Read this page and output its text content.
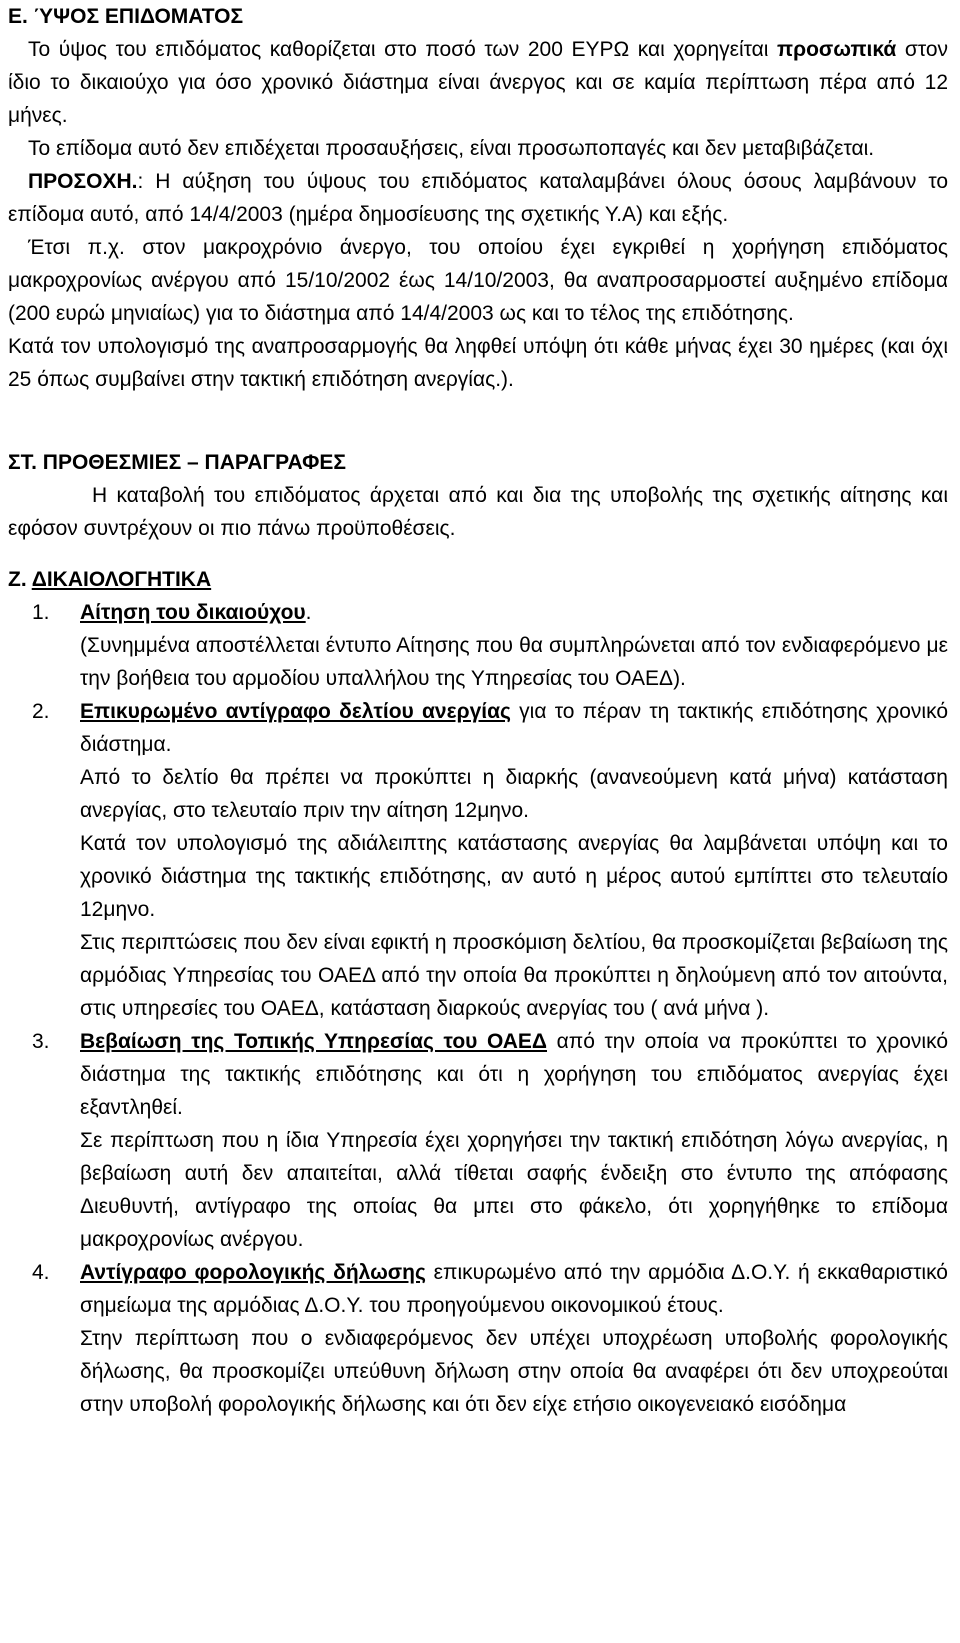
Ε. ΎΨΟΣ ΕΠΙΔΟΜΑΤΟΣ

Το ύψος του επιδόματος καθορίζεται στο ποσό των 200 ΕΥΡΩ και χορηγείται προσωπικά στον ίδιο το δικαιούχο για όσο χρονικό διάστημα είναι άνεργος και σε καμία περίπτωση πέρα από 12 μήνες.

Το επίδομα αυτό δεν επιδέχεται προσαυξήσεις, είναι προσωποπαγές και δεν μεταβιβάζεται.

ΠΡΟΣΟΧΗ.: Η αύξηση του ύψους του επιδόματος καταλαμβάνει όλους όσους λαμβάνουν το επίδομα αυτό, από 14/4/2003 (ημέρα δημοσίευσης της σχετικής Υ.Α) και εξής.

Έτσι π.χ. στον μακροχρόνιο άνεργο, του οποίου έχει εγκριθεί η χορήγηση επιδόματος μακροχρονίως ανέργου από 15/10/2002 έως 14/10/2003, θα αναπροσαρμοστεί αυξημένο επίδομα (200 ευρώ μηνιαίως) για το διάστημα από 14/4/2003 ως και το τέλος της επιδότησης.

Κατά τον υπολογισμό της αναπροσαρμογής θα ληφθεί υπόψη ότι κάθε μήνας έχει 30 ημέρες (και όχι 25 όπως συμβαίνει στην τακτική επιδότηση ανεργίας.).

ΣΤ. ΠΡΟΘΕΣΜΙΕΣ – ΠΑΡΑΓΡΑΦΕΣ

Η καταβολή του επιδόματος άρχεται από και δια της υποβολής της σχετικής αίτησης και εφόσον συντρέχουν οι πιο πάνω προϋποθέσεις.

Ζ. ΔΙΚΑΙΟΛΟΓΗΤΙΚΑ

1. Αίτηση του δικαιούχου.

(Συνημμένα αποστέλλεται έντυπο Αίτησης που θα συμπληρώνεται από τον ενδιαφερόμενο με την βοήθεια του αρμοδίου υπαλλήλου της Υπηρεσίας του ΟΑΕΔ).

2. Επικυρωμένο αντίγραφο δελτίου ανεργίας για το πέραν τη τακτικής επιδότησης χρονικό διάστημα.

Από το δελτίο θα πρέπει να προκύπτει η διαρκής (ανανεούμενη κατά μήνα) κατάσταση ανεργίας, στο τελευταίο πριν την αίτηση 12μηνο.

Κατά τον υπολογισμό της αδιάλειπτης κατάστασης ανεργίας θα λαμβάνεται υπόψη και το χρονικό διάστημα της τακτικής επιδότησης, αν αυτό η μέρος αυτού εμπίπτει στο τελευταίο 12μηνο.

Στις περιπτώσεις που δεν είναι εφικτή η προσκόμιση δελτίου, θα προσκομίζεται βεβαίωση της αρμόδιας Υπηρεσίας του ΟΑΕΔ από την οποία θα προκύπτει η δηλούμενη από τον αιτούντα, στις υπηρεσίες του ΟΑΕΔ, κατάσταση διαρκούς ανεργίας του ( ανά μήνα ).

3. Βεβαίωση της Τοπικής Υπηρεσίας του ΟΑΕΔ από την οποία να προκύπτει το χρονικό διάστημα της τακτικής επιδότησης και ότι η χορήγηση του επιδόματος ανεργίας έχει εξαντληθεί.

Σε περίπτωση που η ίδια Υπηρεσία έχει χορηγήσει την τακτική επιδότηση λόγω ανεργίας, η βεβαίωση αυτή δεν απαιτείται, αλλά τίθεται σαφής ένδειξη στο έντυπο της απόφασης Διευθυντή, αντίγραφο της οποίας θα μπει στο φάκελο, ότι χορηγήθηκε το επίδομα μακροχρονίως ανέργου.

4. Αντίγραφο φορολογικής δήλωσης επικυρωμένο από την αρμόδια Δ.Ο.Υ. ή εκκαθαριστικό σημείωμα της αρμόδιας Δ.Ο.Υ. του προηγούμενου οικονομικού έτους.

Στην περίπτωση που ο ενδιαφερόμενος δεν υπέχει υποχρέωση υποβολής φορολογικής δήλωσης, θα προσκομίζει υπεύθυνη δήλωση στην οποία θα αναφέρει ότι δεν υποχρεούται στην υποβολή φορολογικής δήλωσης και ότι δεν είχε ετήσιο οικογενειακό εισόδημα
